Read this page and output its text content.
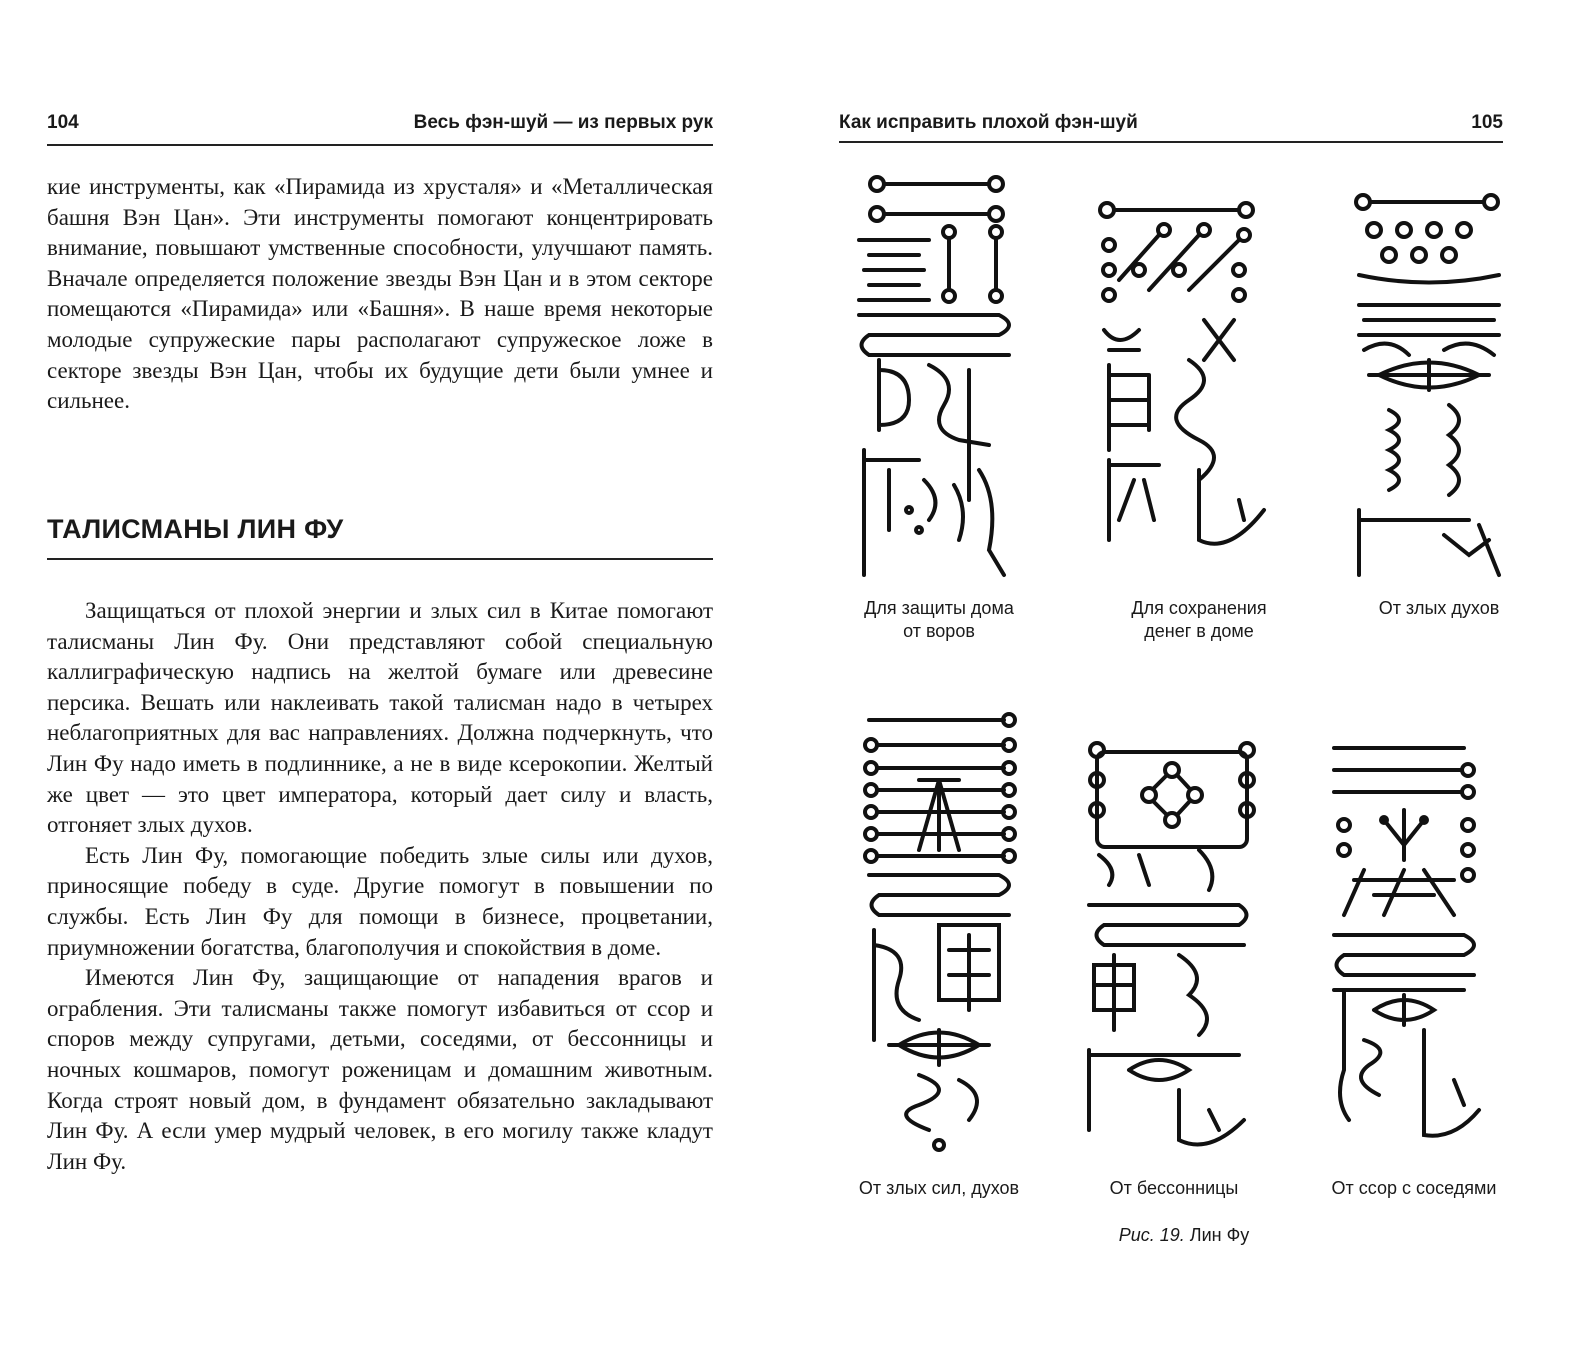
104	Весь фэн-шуй — из первых рук

кие инструменты, как «Пирамида из хрусталя» и «Металлическая башня Вэн Цан». Эти инструменты помогают концентрировать внимание, повышают умственные способности, улучшают память. Вначале определяется положение звезды Вэн Цан и в этом секторе помещаются «Пирамида» или «Башня». В наше время некоторые молодые супружеские пары располагают супружеское ложе в секторе звезды Вэн Цан, чтобы их будущие дети были умнее и сильнее.

ТАЛИСМАНЫ ЛИН ФУ

Защищаться от плохой энергии и злых сил в Китае помогают талисманы Лин Фу. Они представляют собой специальную каллиграфическую надпись на желтой бумаге или древесине персика. Вешать или наклеивать такой талисман надо в четырех неблагоприятных для вас направлениях. Должна подчеркнуть, что Лин Фу надо иметь в подлиннике, а не в виде ксерокопии. Желтый же цвет — это цвет императора, который дает силу и власть, отгоняет злых духов.

Есть Лин Фу, помогающие победить злые силы или духов, приносящие победу в суде. Другие помогут в повышении по службы. Есть Лин Фу для помощи в бизнесе, процветании, приумножении богатства, благополучия и спокойствия в доме.

Имеются Лин Фу, защищающие от нападения врагов и ограбления. Эти талисманы также помогут избавиться от ссор и споров между супругами, детьми, соседями, от бессонницы и ночных кошмаров, помогут роженицам и домашним животным. Когда строят новый дом, в фундамент обязательно закладывают Лин Фу. А если умер мудрый человек, в его могилу также кладут Лин Фу.

Как исправить плохой фэн-шуй	105
Для защиты дома
от воров
Для сохранения
денег в доме
От злых духов
От злых сил, духов	От бессонницы	От ссор с соседями
Рис. 19. Лин Фу
